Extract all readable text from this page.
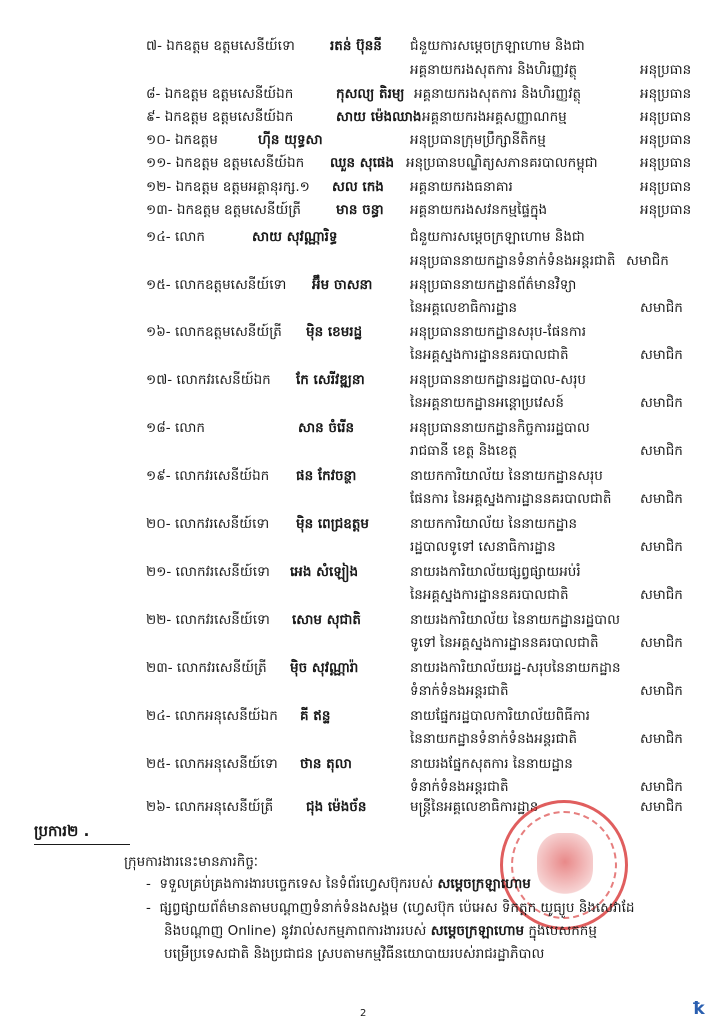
៧- ឯកឧត្តម ឧត្តមសេនីយ៍ទោ	រតន់ ប៊ុននី ជំនួយការសម្តេចក្រឡាហោម និងជា
អគ្គនាយករងសុតការ និងហិរញ្ញវត្ថុ	អនុប្រធាន
៨- ឯកឧត្តម ឧត្តមសេនីយ៍ឯក	កុសល្យ តិរម្យ អគ្គនាយករងសុតការ និងហិរញ្ញវត្ថុ	អនុប្រធាន
៩- ឯកឧត្តម ឧត្តមសេនីយ៍ឯក	សាយ ម៉េងឈាង អគ្គនាយករងអគ្គសញ្ញាណកម្ម	អនុប្រធាន
១០- ឯកឧត្តម	ហ៊ីន យុទ្ធសា	អនុប្រធានក្រុមប្រឹក្សានីតិកម្ម	អនុប្រធាន
១១- ឯកឧត្តម ឧត្តមសេនីយ៍ឯក ឈួន សុផេង អនុប្រធានបណ្ឌិត្យសភានគរបាលកម្ពុជា	អនុប្រធាន
១២- ឯកឧត្តម ឧត្តមអគ្គានុរក្ស.១ សល កេង អគ្គនាយករងធនាគារ	អនុប្រធាន
១៣- ឯកឧត្តម ឧត្តមសេនីយ៍ត្រី	មាន ចន្ធា អគ្គនាយករងសវនកម្មផ្ទៃក្នុង	អនុប្រធាន
១៤- លោក	សាយ សុវណ្ណារិទ្ធ	ជំនួយការសម្តេចក្រឡាហោម និងជា
អនុប្រធាននាយកដ្ឋានទំនាក់ទំនងអន្តរជាតិ សមាជិក
១៥- លោកឧត្តមសេនីយ៍ទោ អ៊ឹម ចាសនា	អនុប្រធាននាយកដ្ឋានព័ត៌មានវិទ្យា
នៃអគ្គលេខាធិការដ្ឋាន	សមាជិក
១៦- លោកឧត្តមសេនីយ៍ត្រី ម៉ិន ខេមរដ្ឋ	អនុប្រធាននាយកដ្ឋានសរុប-ផែនការ
នៃអគ្គស្នងការដ្ឋាននគរបាលជាតិ	សមាជិក
១៧- លោកវរសេនីយ៍ឯក កែ សេរីវឌ្ឍនា	អនុប្រធាននាយកដ្ឋានរដ្ឋបាល-សរុប
នៃអគ្គនាយកដ្ឋានអន្តោប្រវេសន៍	សមាជិក
១៨- លោក	សាន ចំរើន	អនុប្រធាននាយកដ្ឋានកិច្ចការរដ្ឋបាល
រាជធានី ខេត្ត និងខេត្ត	សមាជិក
១៩- លោកវរសេនីយ៍ឯក ផន កែវចន្ថា	នាយកការិយាល័យ នៃនាយកដ្ឋានសរុប
ផែនការ នៃអគ្គស្នងការដ្ឋាននគរបាលជាតិ សមាជិក
២០- លោកវរសេនីយ៍ទោ ម៉ិន ពេជ្រឧត្តម	នាយកការិយាល័យ នៃនាយកដ្ឋាន
រដ្ឋបាលទូទៅ សេនាធិការដ្ឋាន	សមាជិក
២១- លោកវរសេនីយ៍ទោ អេង សំឡៀង	នាយរងការិយាល័យផ្សព្វផ្សាយអប់រំ
នៃអគ្គស្នងការដ្ឋាននគរបាលជាតិ	សមាជិក
២២- លោកវរសេនីយ៍ទោ សោម សុជាតិ	នាយរងការិយាល័យ នៃនាយកដ្ឋានរដ្ឋបាល
ទូទៅ នៃអគ្គស្នងការដ្ឋាននគរបាលជាតិ	សមាជិក
២៣- លោកវរសេនីយ៍ត្រី ម៉ិច សុវណ្ណារ៉ា	នាយរងការិយាល័យរដ្ឋ-សរុបនៃនាយកដ្ឋាន
ទំនាក់ទំនងអន្តរជាតិ	សមាជិក
២៤- លោកអនុសេនីយ៍ឯក គី ឥន្ទ	នាយផ្នែករដ្ឋបាលការិយាល័យពិធីការ
នៃនាយកដ្ឋានទំនាក់ទំនងអន្តរជាតិ	សមាជិក
២៥- លោកអនុសេនីយ៍ទោ ថាន តុលា	នាយរងផ្នែកសុតការ នៃនាយដ្ឋាន
ទំនាក់ទំនងអន្តរជាតិ	សមាជិក
២៦- លោកអនុសេនីយ៍ត្រី ជុង ម៉េងច័ន	មន្ត្រីនៃអគ្គលេខាធិការដ្ឋាន	សមាជិក
ប្រការ២ .
ក្រុមការងារនេះមានភារកិច្ចៈ
-  ទទួលគ្រប់គ្រងការងារបច្ចេកទេស នៃទំព័រហ្វេសប៊ុករបស់ សម្តេចក្រឡាហោម
-  ផ្សព្វផ្សាយព័ត៌មានតាមបណ្តាញទំនាក់ទំនងសង្គម (ហ្វេសប៊ុក ប៉េអេស ទិកត្តក យូធ្យូប និងសេវាដែ
និងបណ្តាញ Online) នូវរាល់សកម្មភាពការងាររបស់ សម្តេចក្រឡាហោម ក្នុងបេសកកម្ម
បម្រើប្រទេសជាតិ និងប្រជាជន ស្របតាមកម្មវិធីនយោបាយរបស់រាជរដ្ឋាភិបាល
2	ꝁ
